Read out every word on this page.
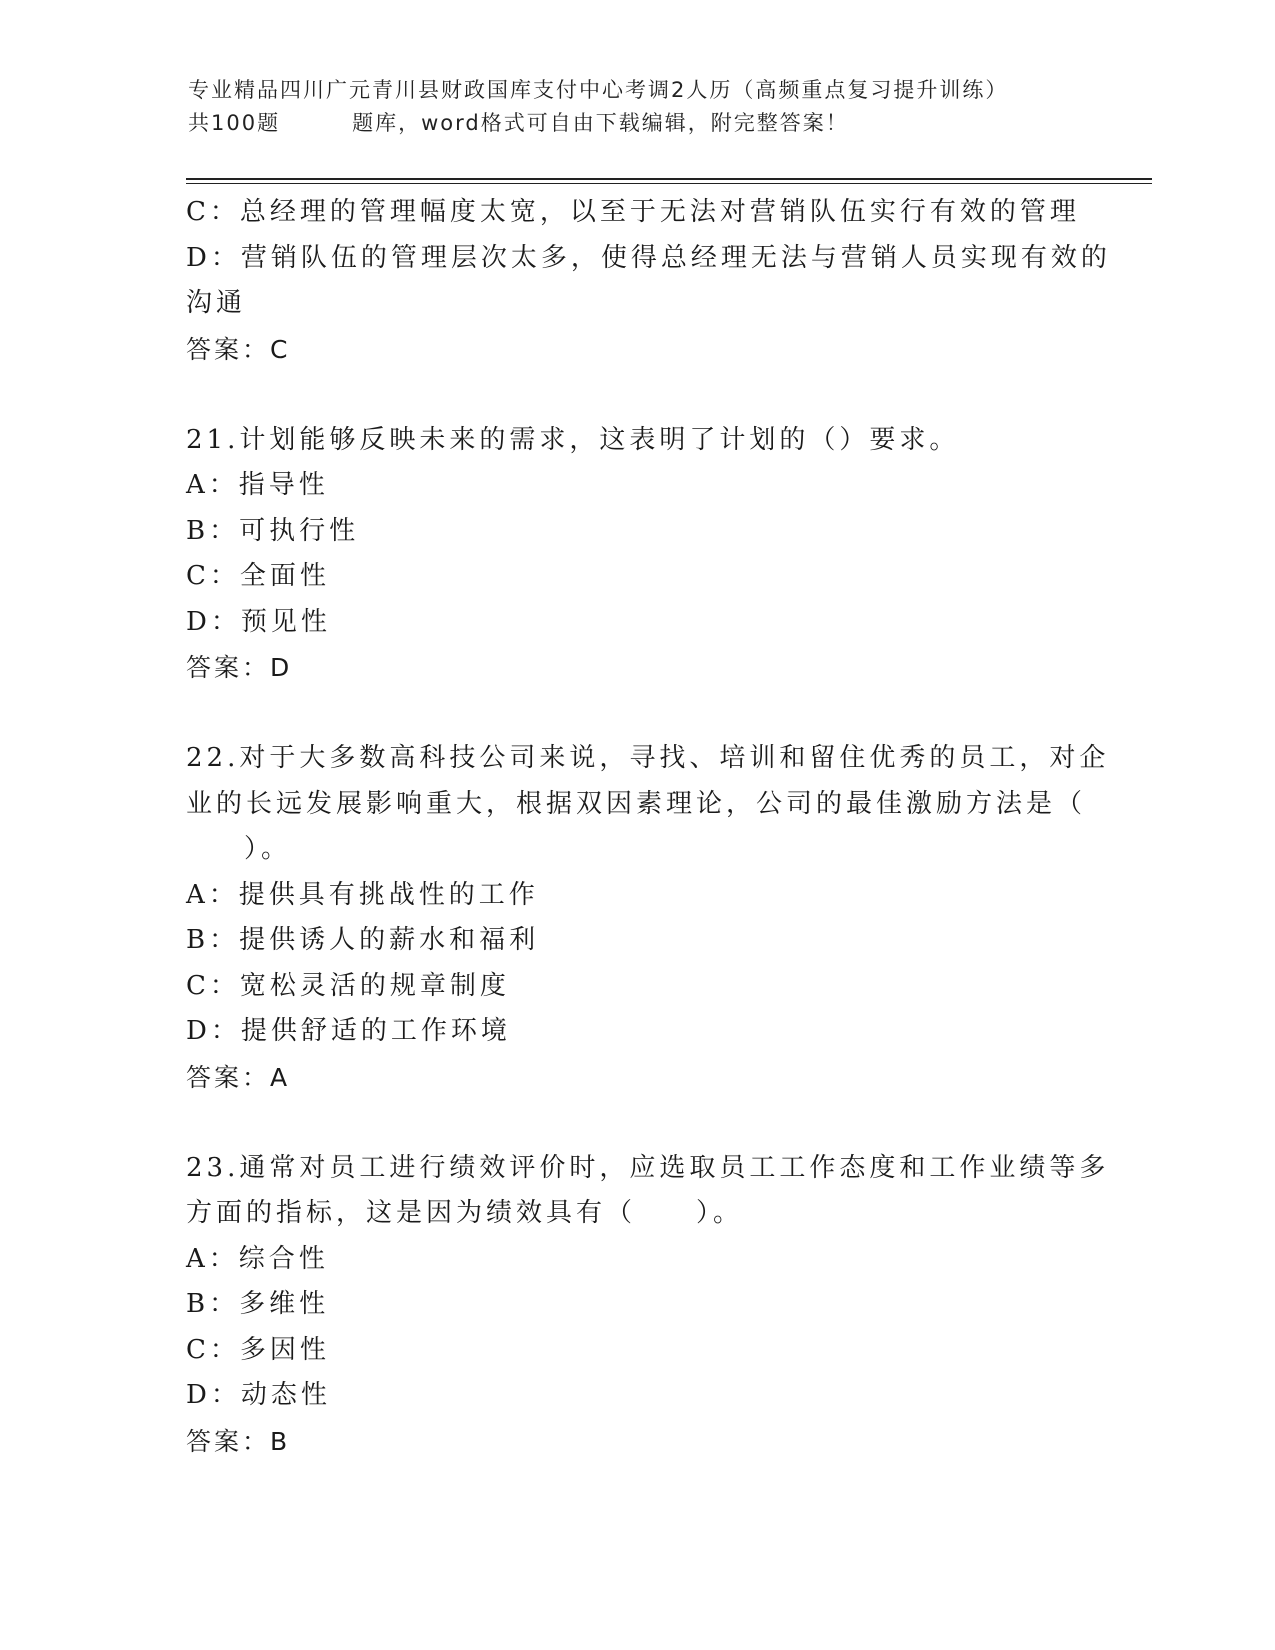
专业精品四川广元青川县财政国库支付中心考调2人历（高频重点复习提升训练）
共100题	题库，word格式可自由下载编辑，附完整答案！
C：总经理的管理幅度太宽，以至于无法对营销队伍实行有效的管理
D：营销队伍的管理层次太多，使得总经理无法与营销人员实现有效的
沟通
答案：C
21.计划能够反映未来的需求，这表明了计划的（）要求。
A：指导性
B：可执行性
C：全面性
D：预见性
答案：D
22.对于大多数高科技公司来说，寻找、培训和留住优秀的员工，对企
业的长远发展影响重大，根据双因素理论，公司的最佳激励方法是（
）。
A：提供具有挑战性的工作
B：提供诱人的薪水和福利
C：宽松灵活的规章制度
D：提供舒适的工作环境
答案：A
23.通常对员工进行绩效评价时，应选取员工工作态度和工作业绩等多
方面的指标，这是因为绩效具有（　　）。
A：综合性
B：多维性
C：多因性
D：动态性
答案：B
